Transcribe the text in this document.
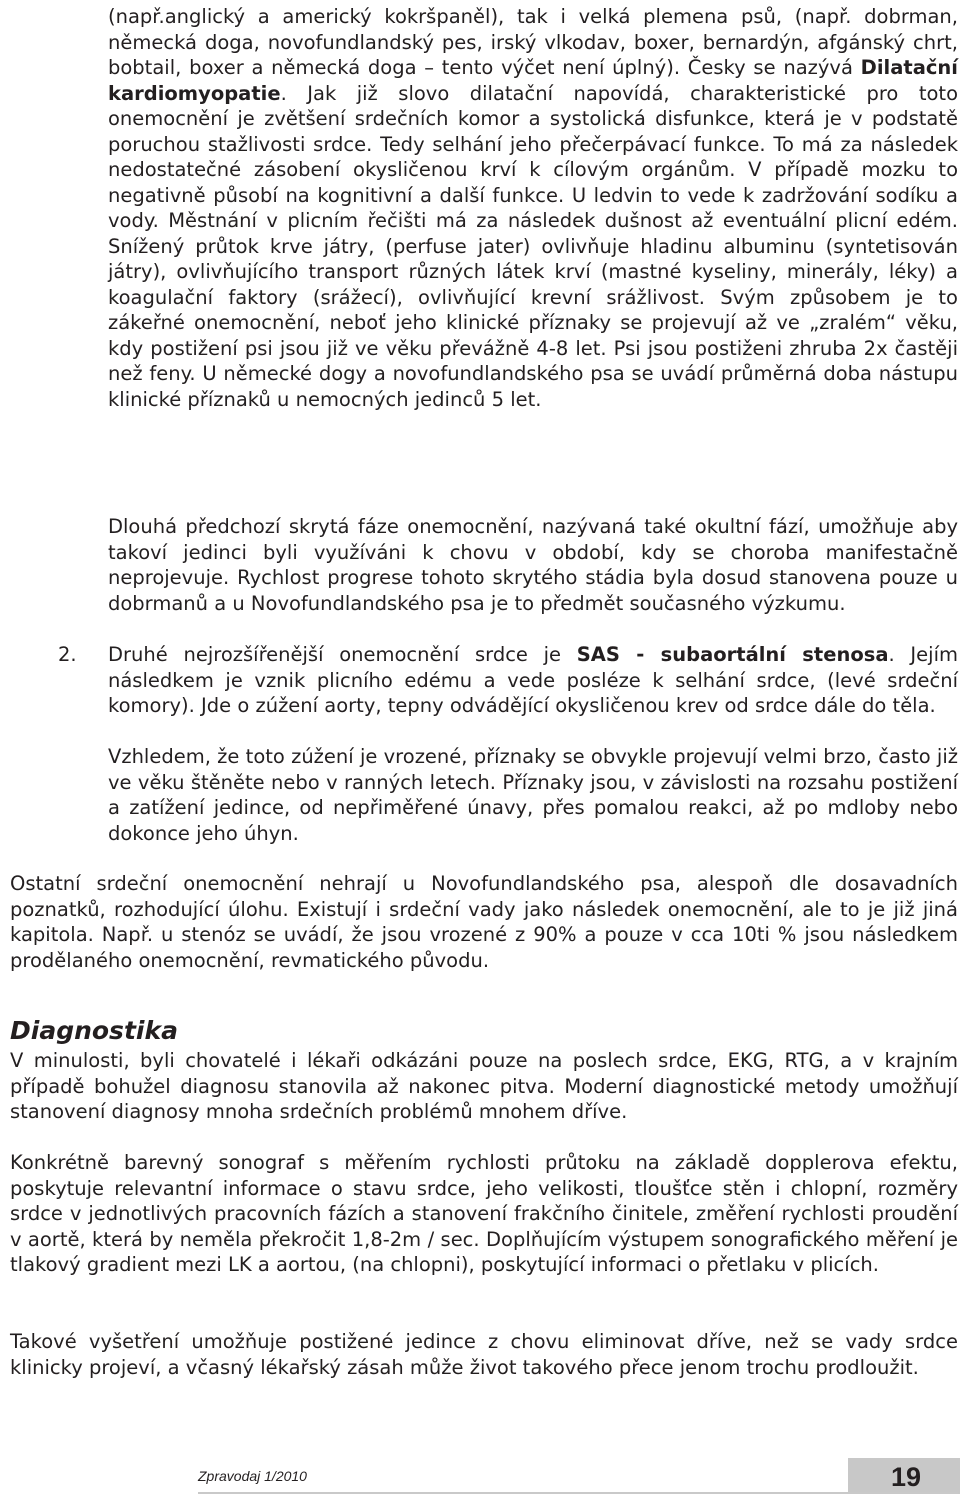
(např.anglický a americký kokršpaněl), tak i velká plemena psů, (např. dobrman, německá doga, novofundlandský pes, irský vlkodav, boxer, bernardýn, afgánský chrt, bobtail, boxer a německá doga – tento výčet není úplný). Česky se nazývá Dilatační kardiomyopatie. Jak již slovo dilatační napovídá, charakteristické pro toto onemocnění je zvětšení srdečních komor a systolická disfunkce, která je v podstatě poruchou stažlivosti srdce. Tedy selhání jeho přečerpávací funkce. To má za následek nedostatečné zásobení okysličenou krví k cílovým orgánům. V případě mozku to negativně působí na kognitivní a další funkce. U ledvin to vede k zadržování sodíku a vody. Městnání v plicním řečišti má za následek dušnost až eventuální plicní edém. Snížený průtok krve játry, (perfuse jater) ovlivňuje hladinu albuminu (syntetisován játry), ovlivňujícího transport různých látek krví (mastné kyseliny, minerály, léky) a koagulační faktory (srážecí), ovlivňující krevní srážlivost. Svým způsobem je to zákeřné onemocnění, neboť jeho klinické příznaky se projevují až ve „zralém“ věku, kdy postižení psi jsou již ve věku převážně 4-8 let. Psi jsou postiženi zhruba 2x častěji než feny. U německé dogy a novofundlandského psa se uvádí průměrná doba nástupu klinické příznaků u nemocných jedinců 5 let.

Dlouhá předchozí skrytá fáze onemocnění, nazývaná také okultní fází, umožňuje aby takoví jedinci byli využíváni k chovu v období, kdy se choroba manifestačně neprojevuje. Rychlost progrese tohoto skrytého stádia byla dosud stanovena pouze u dobrmanů a u Novofundlandského psa je to předmět současného výzkumu.

2. Druhé nejrozšířenější onemocnění srdce je SAS - subaortální stenosa. Jejím následkem je vznik plicního edému a vede posléze k selhání srdce, (levé srdeční komory). Jde o zúžení aorty, tepny odvádějící okysličenou krev od srdce dále do těla.

Vzhledem, že toto zúžení je vrozené, příznaky se obvykle projevují velmi brzo, často již ve věku štěněte nebo v ranných letech. Příznaky jsou, v závislosti na rozsahu postižení a zatížení jedince, od nepřiměřené únavy, přes pomalou reakci, až po mdloby nebo dokonce jeho úhyn.

Ostatní srdeční onemocnění nehrají u Novofundlandského psa, alespoň dle dosavadních poznatků, rozhodující úlohu. Existují i srdeční vady jako následek onemocnění, ale to je již jiná kapitola. Např. u stenóz se uvádí, že jsou vrozené z 90% a pouze v cca 10ti % jsou následkem prodělaného onemocnění, revmatického původu.

Diagnostika

V minulosti, byli chovatelé i lékaři odkázáni pouze na poslech srdce, EKG, RTG, a v krajním případě bohužel diagnosu stanovila až nakonec pitva. Moderní diagnostické metody umožňují stanovení diagnosy mnoha srdečních problémů mnohem dříve.

Konkrétně barevný sonograf s měřením rychlosti průtoku na základě dopplerova efektu, poskytuje relevantní informace o stavu srdce, jeho velikosti, tloušťce stěn i chlopní, rozměry srdce v jednotlivých pracovních fázích a stanovení frakčního činitele, změření rychlosti proudění v aortě, která by neměla překročit 1,8-2m / sec. Doplňujícím výstupem sonografického měření je tlakový gradient mezi LK a aortou, (na chlopni), poskytující informaci o přetlaku v plicích.

Takové vyšetření umožňuje postižené jedince z chovu eliminovat dříve, než se vady srdce klinicky projeví, a včasný lékařský zásah může život takového přece jenom trochu prodloužit.

Zpravodaj 1/2010	19
